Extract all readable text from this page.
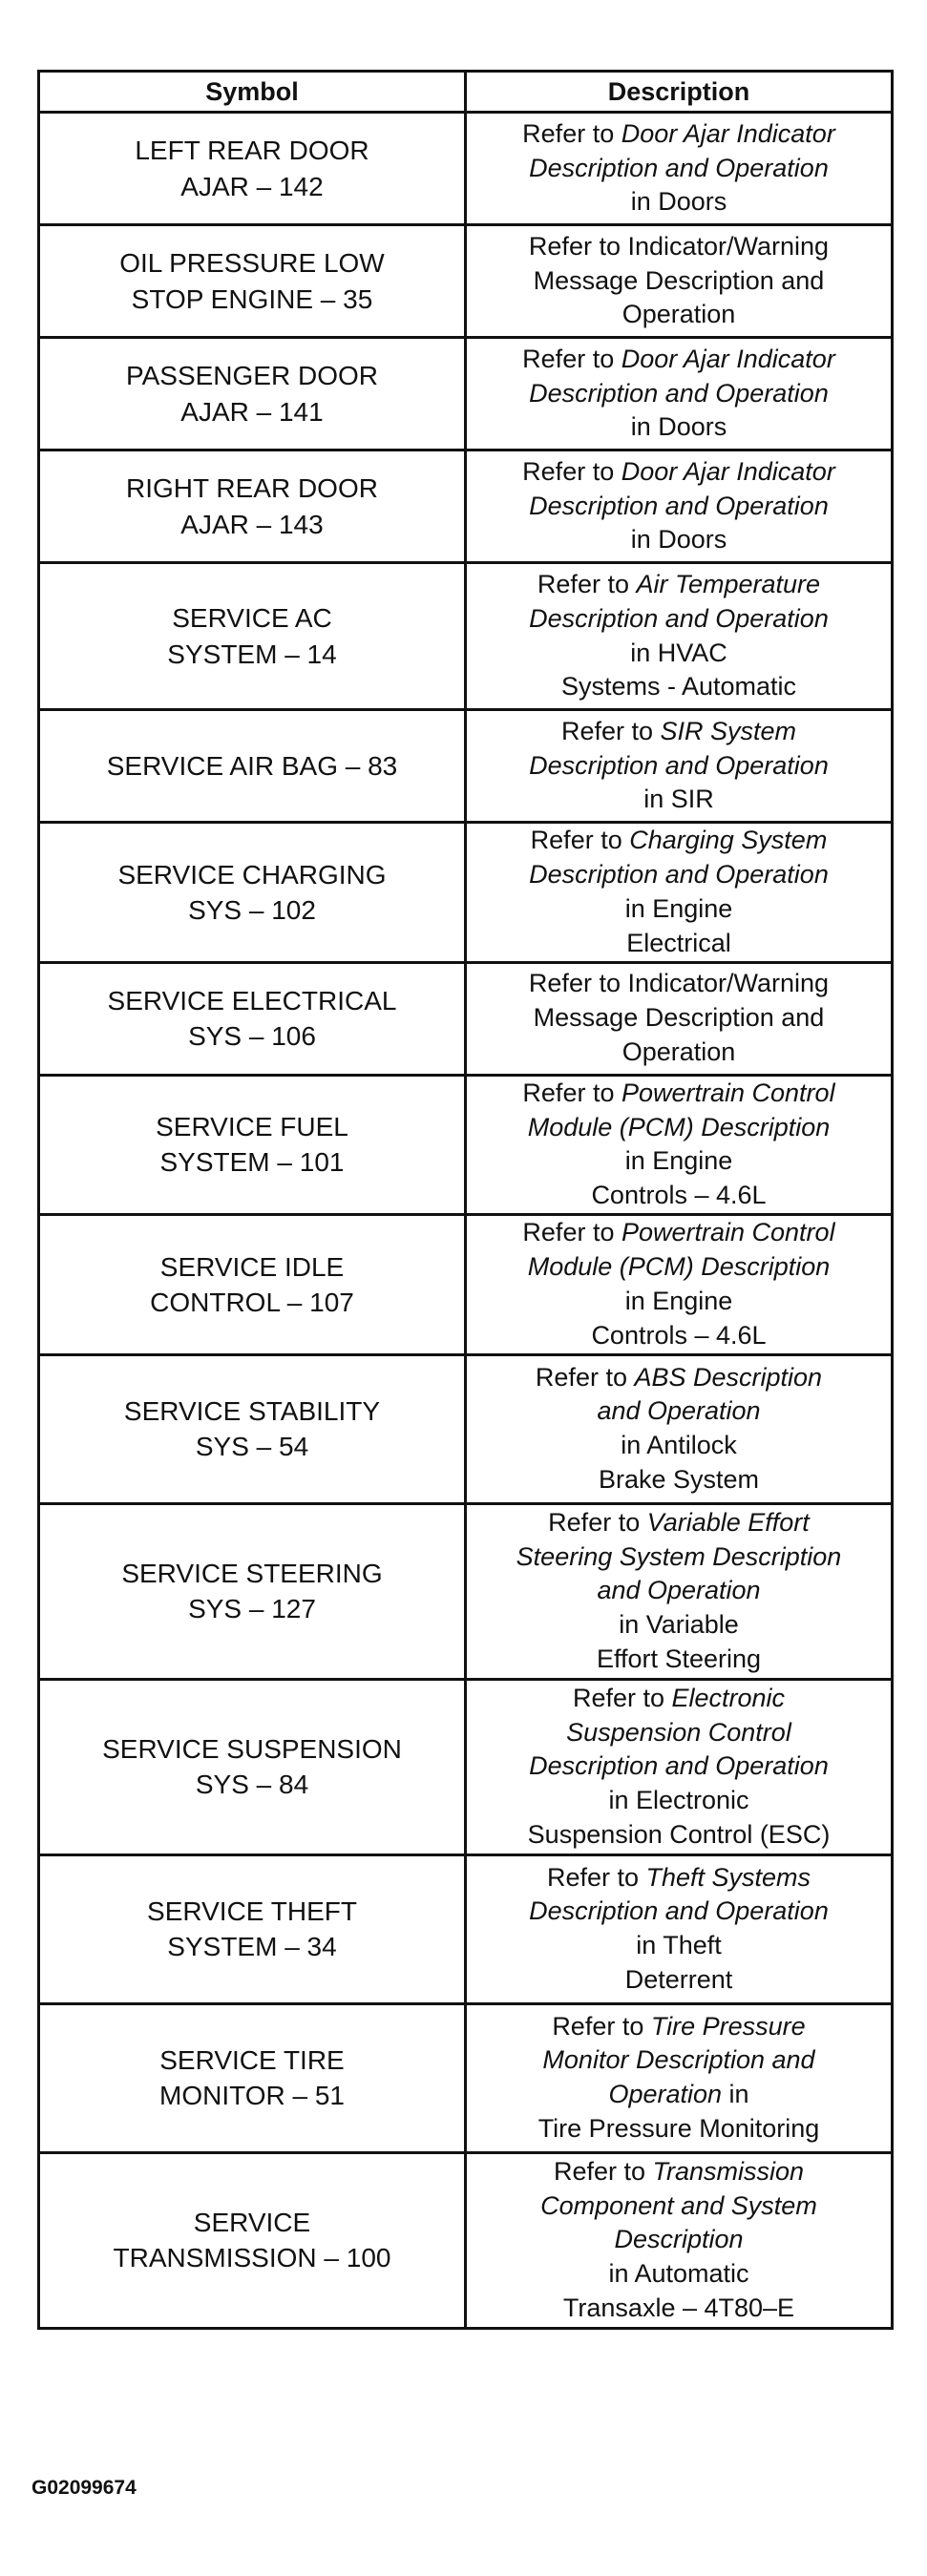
Symbol	Description

LEFT REAR DOOR
AJAR – 142	Refer to Door Ajar Indicator
Description and Operation
in Doors

OIL PRESSURE LOW
STOP ENGINE – 35	Refer to Indicator/Warning
Message Description and
Operation

PASSENGER DOOR
AJAR – 141	Refer to Door Ajar Indicator
Description and Operation
in Doors

RIGHT REAR DOOR
AJAR – 143	Refer to Door Ajar Indicator
Description and Operation
in Doors

SERVICE AC
SYSTEM – 14	Refer to Air Temperature
Description and Operation
in HVAC
Systems - Automatic

SERVICE AIR BAG – 83	Refer to SIR System
Description and Operation
in SIR

SERVICE CHARGING
SYS – 102	Refer to Charging System
Description and Operation
in Engine
Electrical

SERVICE ELECTRICAL
SYS – 106	Refer to Indicator/Warning
Message Description and
Operation

SERVICE FUEL
SYSTEM – 101	Refer to Powertrain Control
Module (PCM) Description
in Engine
Controls – 4.6L

SERVICE IDLE
CONTROL – 107	Refer to Powertrain Control
Module (PCM) Description
in Engine
Controls – 4.6L

SERVICE STABILITY
SYS – 54	Refer to ABS Description
and Operation
in Antilock
Brake System

SERVICE STEERING
SYS – 127	Refer to Variable Effort
Steering System Description
and Operation
in Variable
Effort Steering

SERVICE SUSPENSION
SYS – 84	Refer to Electronic
Suspension Control
Description and Operation
in Electronic
Suspension Control (ESC)

SERVICE THEFT
SYSTEM – 34	Refer to Theft Systems
Description and Operation
in Theft
Deterrent

SERVICE TIRE
MONITOR – 51	Refer to Tire Pressure
Monitor Description and
Operation in
Tire Pressure Monitoring

SERVICE
TRANSMISSION – 100	Refer to Transmission
Component and System
Description
in Automatic
Transaxle – 4T80–E
G02099674
